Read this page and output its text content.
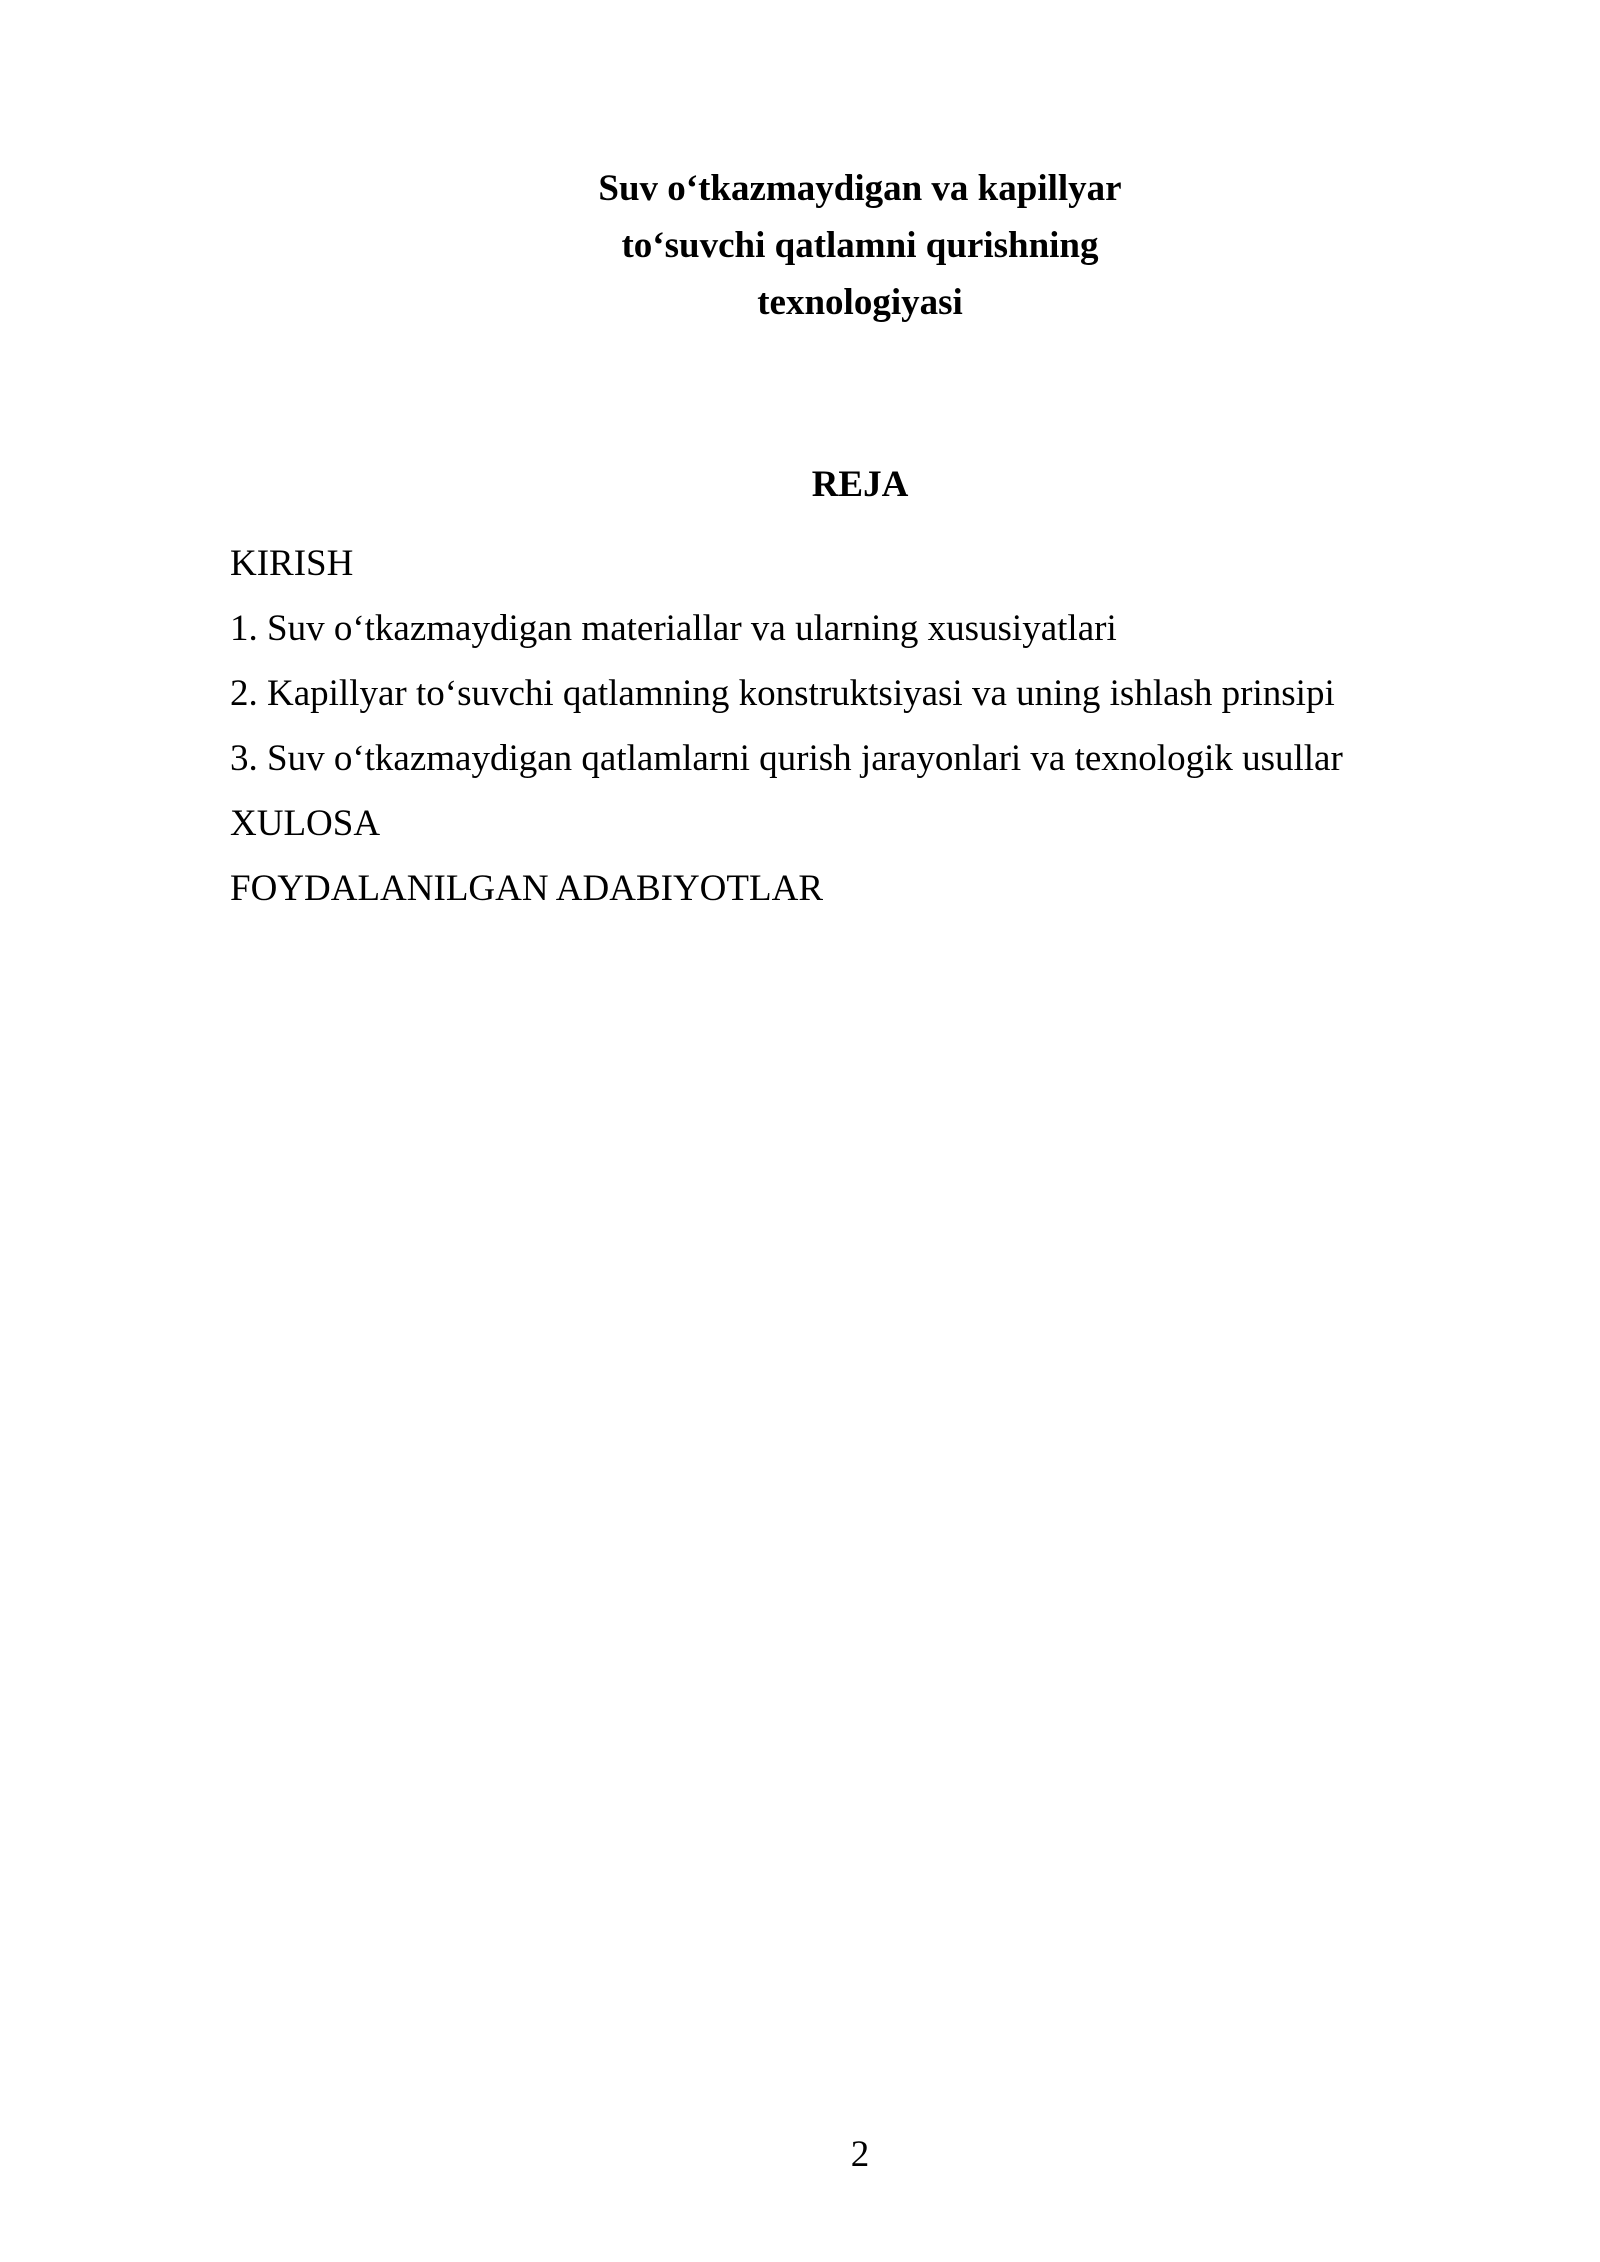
Suv o‘tkazmaydigan va kapillyar
to‘suvchi qatlamni qurishning
texnologiyasi
REJA
KIRISH
1. Suv o‘tkazmaydigan materiallar va ularning xususiyatlari
2. Kapillyar to‘suvchi qatlamning konstruktsiyasi va uning ishlash prinsipi
3. Suv o‘tkazmaydigan qatlamlarni qurish jarayonlari va texnologik usullar
XULOSA
FOYDALANILGAN ADABIYOTLAR
2
